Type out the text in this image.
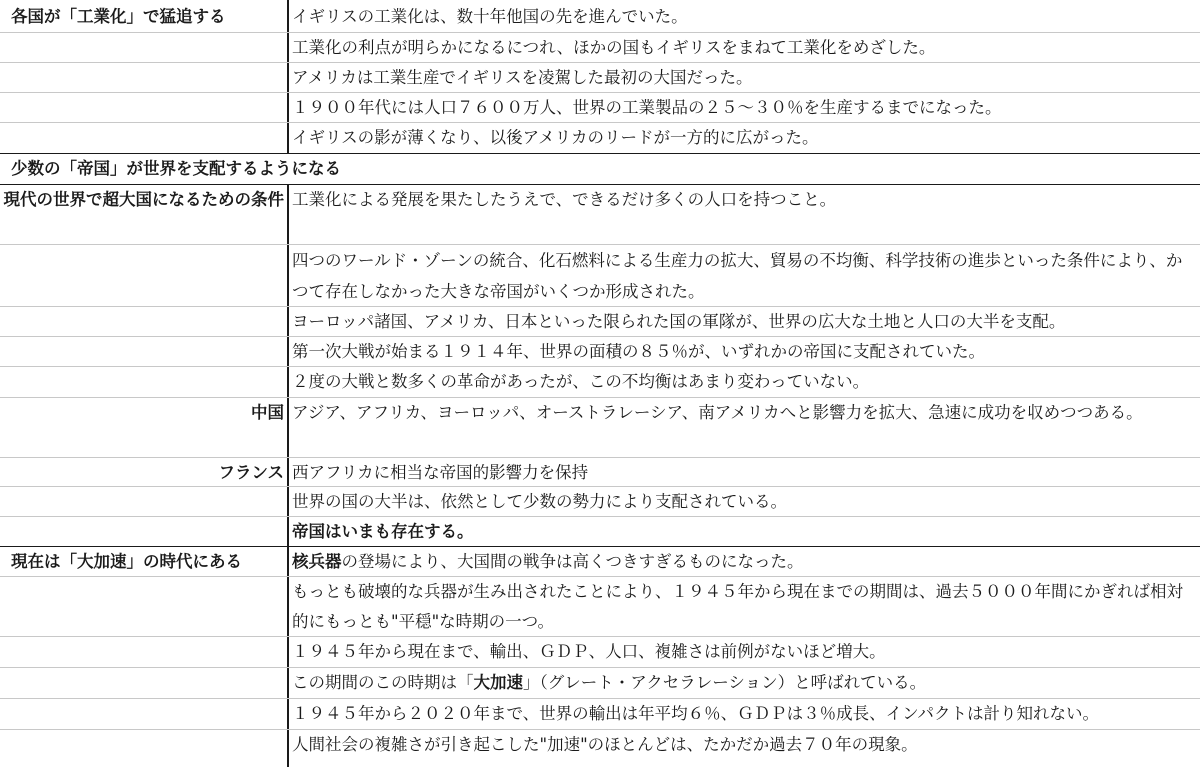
各国が「工業化」で猛追する	イギリスの工業化は、数十年他国の先を進んでいた。
工業化の利点が明らかになるにつれ、ほかの国もイギリスをまねて工業化をめざした。
アメリカは工業生産でイギリスを凌駕した最初の大国だった。
１９００年代には人口７６００万人、世界の工業製品の２５～３０％を生産するまでになった。
イギリスの影が薄くなり、以後アメリカのリードが一方的に広がった。
少数の「帝国」が世界を支配するようになる
現代の世界で超大国になるための条件 工業化による発展を果たしたうえで、できるだけ多くの人口を持つこと。
四つのワールド・ゾーンの統合、化石燃料による生産力の拡大、貿易の不均衡、科学技術の進歩といった条件により、かつて存在しなかった大きな帝国がいくつか形成された。
ヨーロッパ諸国、アメリカ、日本といった限られた国の軍隊が、世界の広大な土地と人口の大半を支配。
第一次大戦が始まる１９１４年、世界の面積の８５％が、いずれかの帝国に支配されていた。
２度の大戦と数多くの革命があったが、この不均衡はあまり変わっていない。
中国 アジア、アフリカ、ヨーロッパ、オーストラレーシア、南アメリカへと影響力を拡大、急速に成功を収めつつある。
フランス 西アフリカに相当な帝国的影響力を保持
世界の国の大半は、依然として少数の勢力により支配されている。
帝国はいまも存在する。
現在は「大加速」の時代にある	核兵器の登場により、大国間の戦争は高くつきすぎるものになった。
もっとも破壊的な兵器が生み出されたことにより、１９４５年から現在までの期間は、過去５０００年間にかぎれば相対的にもっとも"平穏"な時期の一つ。
１９４５年から現在まで、輸出、ＧＤＰ、人口、複雑さは前例がないほど増大。
この期間のこの時期は「大加速」（グレート・アクセラレーション）と呼ばれている。
１９４５年から２０２０年まで、世界の輸出は年平均６％、ＧＤＰは３％成長、インパクトは計り知れない。
人間社会の複雑さが引き起こした"加速"のほとんどは、たかだか過去７０年の現象。
